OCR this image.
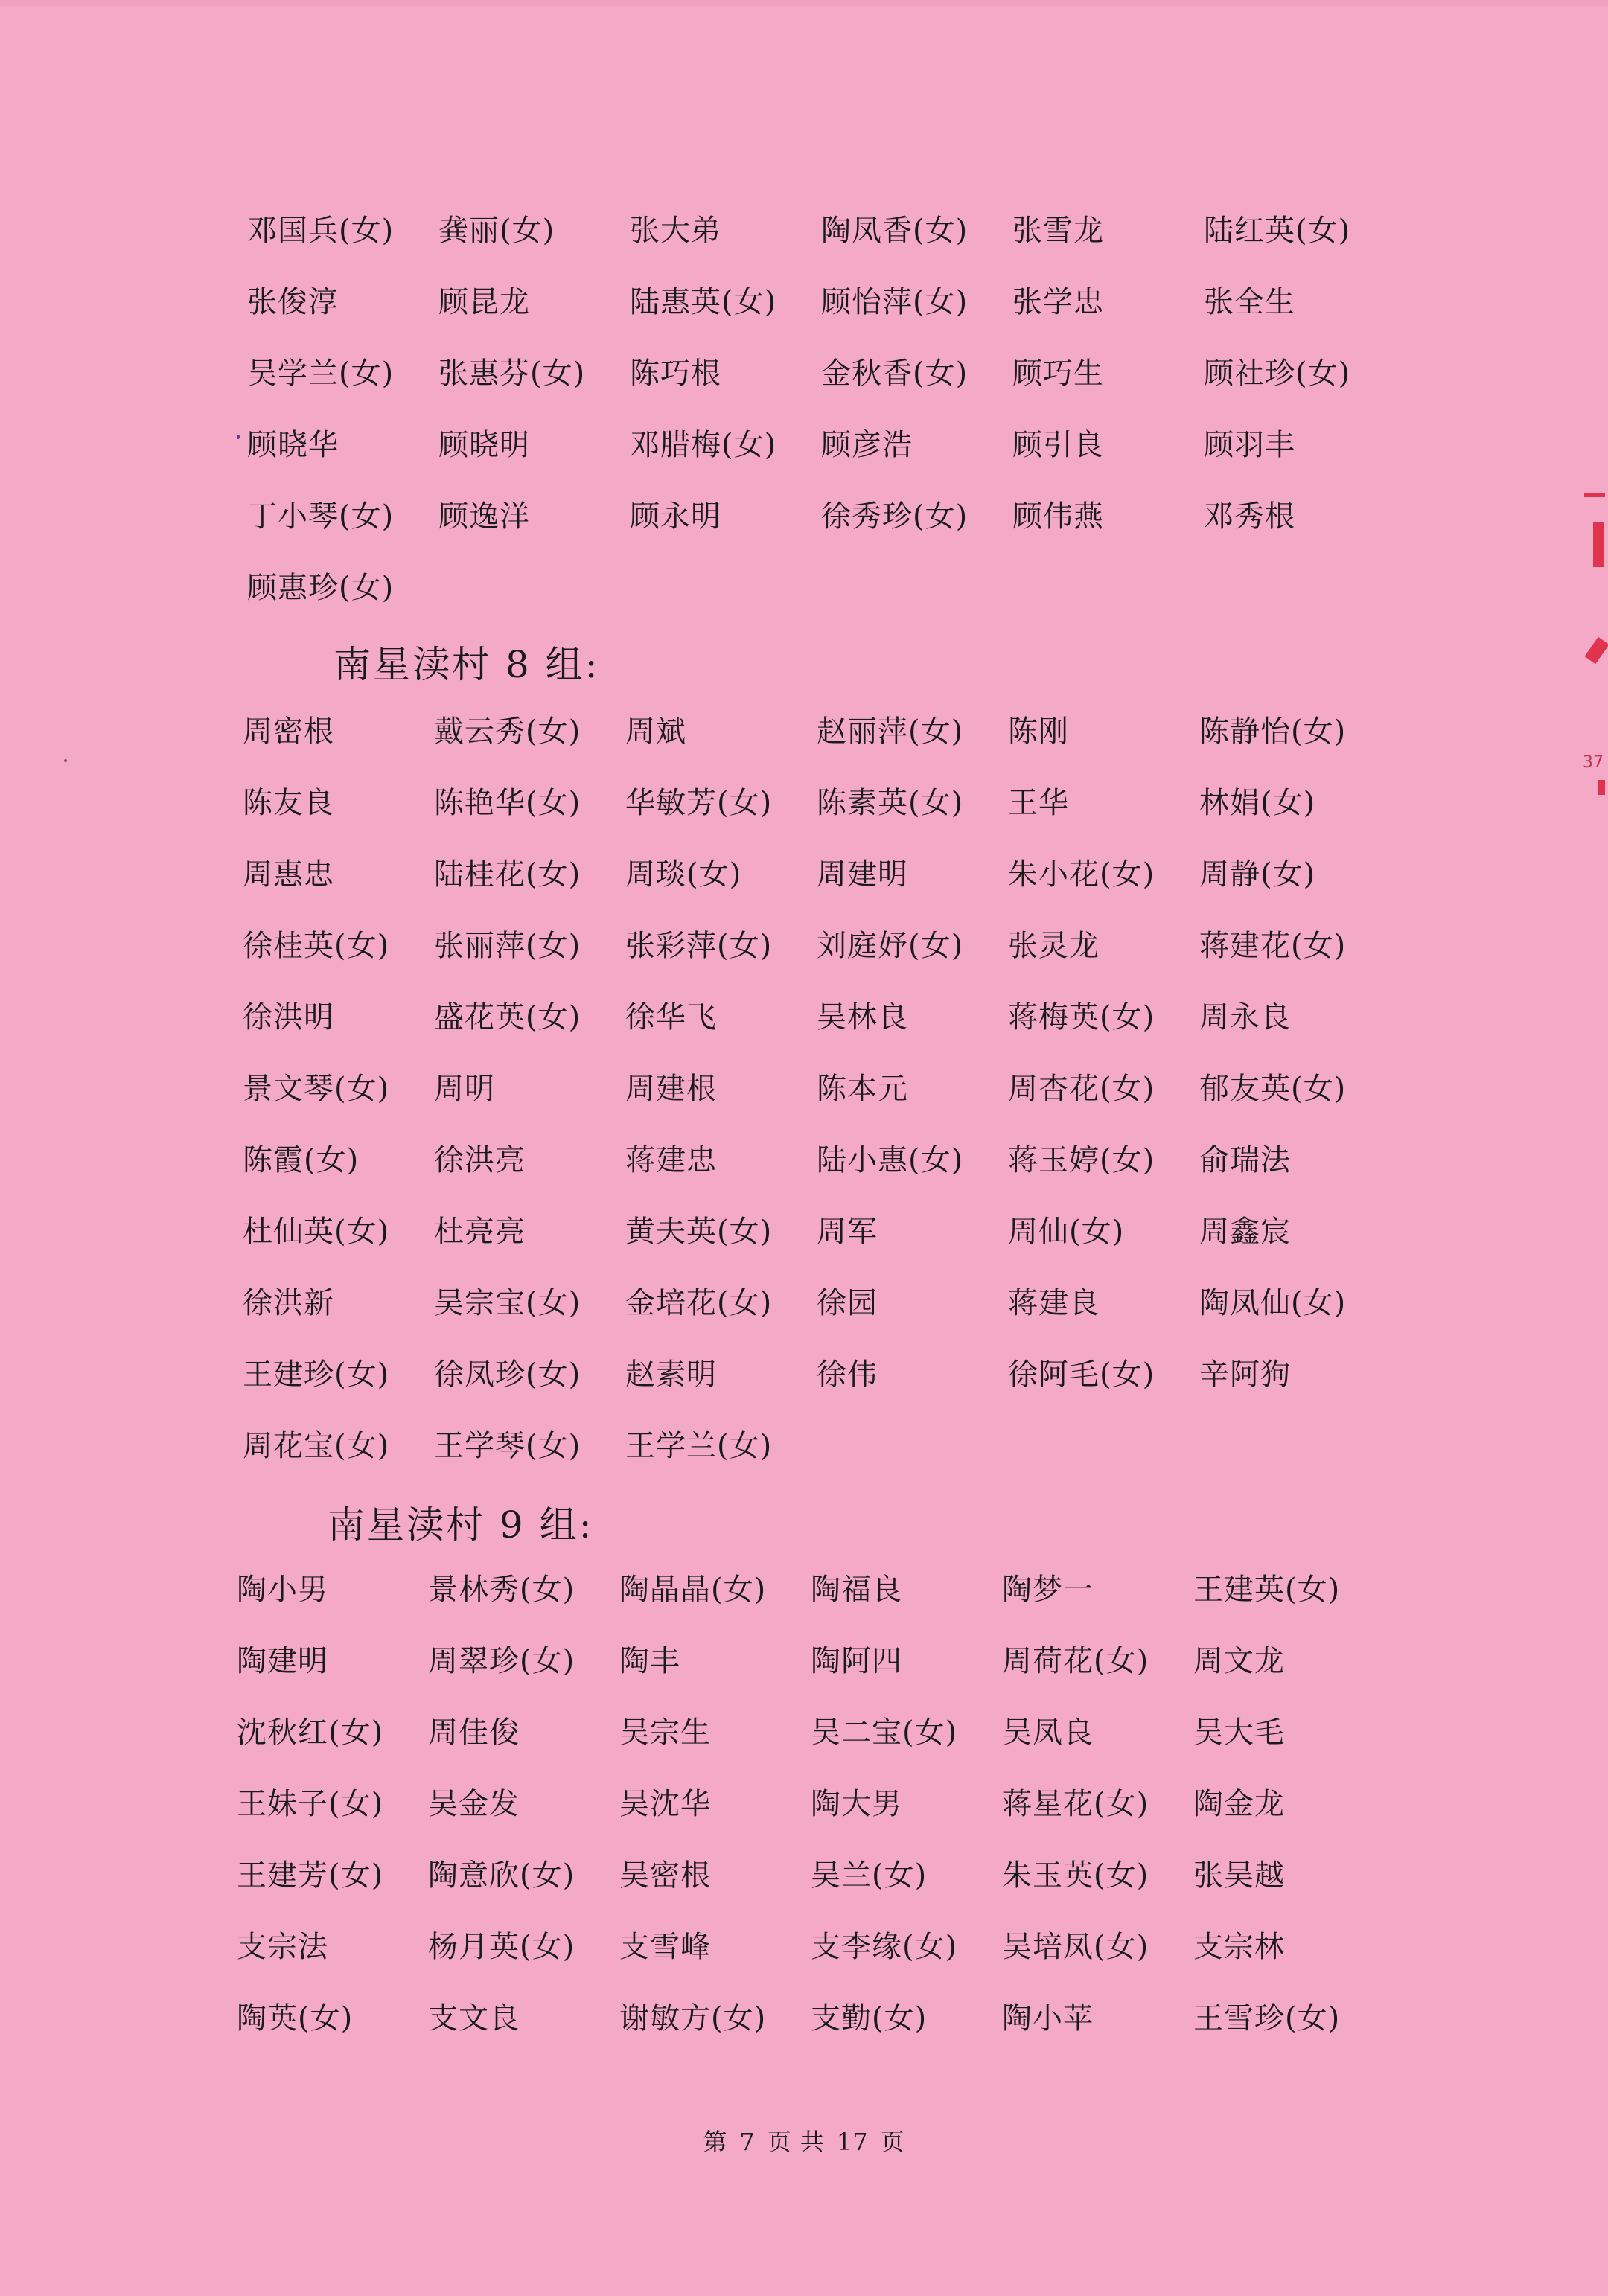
37
邓国兵(女)	龚丽(女)	张大弟	陶凤香(女)	张雪龙	陆红英(女)
张俊淳	顾昆龙	陆惠英(女)	顾怡萍(女)	张学忠	张全生
吴学兰(女)	张惠芬(女)	陈巧根	金秋香(女)	顾巧生	顾社珍(女)
顾晓华	顾晓明	邓腊梅(女)	顾彦浩	顾引良	顾羽丰
丁小琴(女)	顾逸洋	顾永明	徐秀珍(女)	顾伟燕	邓秀根
顾惠珍(女)
南星渎村 8 组:
周密根	戴云秀(女)	周斌	赵丽萍(女)	陈刚	陈静怡(女)
陈友良	陈艳华(女)	华敏芳(女)	陈素英(女)	王华	林娟(女)
周惠忠	陆桂花(女)	周琰(女)	周建明	朱小花(女)	周静(女)
徐桂英(女)	张丽萍(女)	张彩萍(女)	刘庭妤(女)	张灵龙	蒋建花(女)
徐洪明	盛花英(女)	徐华飞	吴林良	蒋梅英(女)	周永良
景文琴(女)	周明	周建根	陈本元	周杏花(女)	郁友英(女)
陈霞(女)	徐洪亮	蒋建忠	陆小惠(女)	蒋玉婷(女)	俞瑞法
杜仙英(女)	杜亮亮	黄夫英(女)	周军	周仙(女)	周鑫宸
徐洪新	吴宗宝(女)	金培花(女)	徐园	蒋建良	陶凤仙(女)
王建珍(女)	徐凤珍(女)	赵素明	徐伟	徐阿毛(女)	辛阿狗
周花宝(女)	王学琴(女)	王学兰(女)
南星渎村 9 组:
陶小男	景林秀(女)	陶晶晶(女)	陶福良	陶梦一	王建英(女)
陶建明	周翠珍(女)	陶丰	陶阿四	周荷花(女)	周文龙
沈秋红(女)	周佳俊	吴宗生	吴二宝(女)	吴凤良	吴大毛
王妹子(女)	吴金发	吴沈华	陶大男	蒋星花(女)	陶金龙
王建芳(女)	陶意欣(女)	吴密根	吴兰(女)	朱玉英(女)	张吴越
支宗法	杨月英(女)	支雪峰	支李缘(女)	吴培凤(女)	支宗林
陶英(女)	支文良	谢敏方(女)	支勤(女)	陶小苹	王雪珍(女)
第 7 页 共 17 页
